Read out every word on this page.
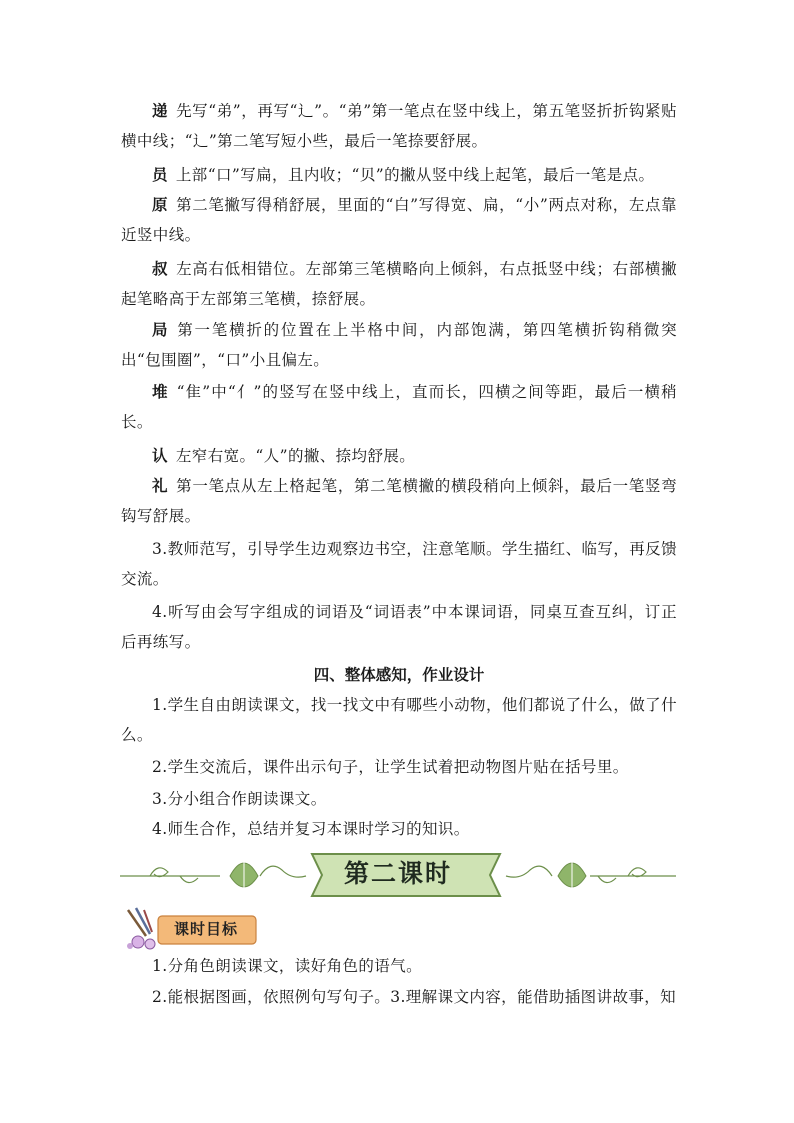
递 先写“弟”，再写“辶”。“弟”第一笔点在竖中线上，第五笔竖折折钩紧贴横中线；“辶”第二笔写短小些，最后一笔捺要舒展。
员 上部“口”写扁，且内收；“贝”的撇从竖中线上起笔，最后一笔是点。
原 第二笔撇写得稍舒展，里面的“白”写得宽、扁，“小”两点对称，左点靠近竖中线。
叔 左高右低相错位。左部第三笔横略向上倾斜，右点抵竖中线；右部横撇起笔略高于左部第三笔横，捺舒展。
局 第一笔横折的位置在上半格中间，内部饱满，第四笔横折钩稍微突出“包围圈”，“口”小且偏左。
堆 “隹”中“亻”的竖写在竖中线上，直而长，四横之间等距，最后一横稍长。
认 左窄右宽。“人”的撇、捺均舒展。
礼 第一笔点从左上格起笔，第二笔横撇的横段稍向上倾斜，最后一笔竖弯钩写舒展。
3.教师范写，引导学生边观察边书空，注意笔顺。学生描红、临写，再反馈交流。
4.听写由会写字组成的词语及“词语表”中本课词语，同桌互查互纠，订正后再练写。
四、整体感知，作业设计
1.学生自由朗读课文，找一找文中有哪些小动物，他们都说了什么，做了什么。
2.学生交流后，课件出示句子，让学生试着把动物图片贴在括号里。
3.分小组合作朗读课文。
4.师生合作，总结并复习本课时学习的知识。
第二课时
课时目标
1.分角色朗读课文，读好角色的语气。
2.能根据图画，依照例句写句子。3.理解课文内容，能借助插图讲故事，知
